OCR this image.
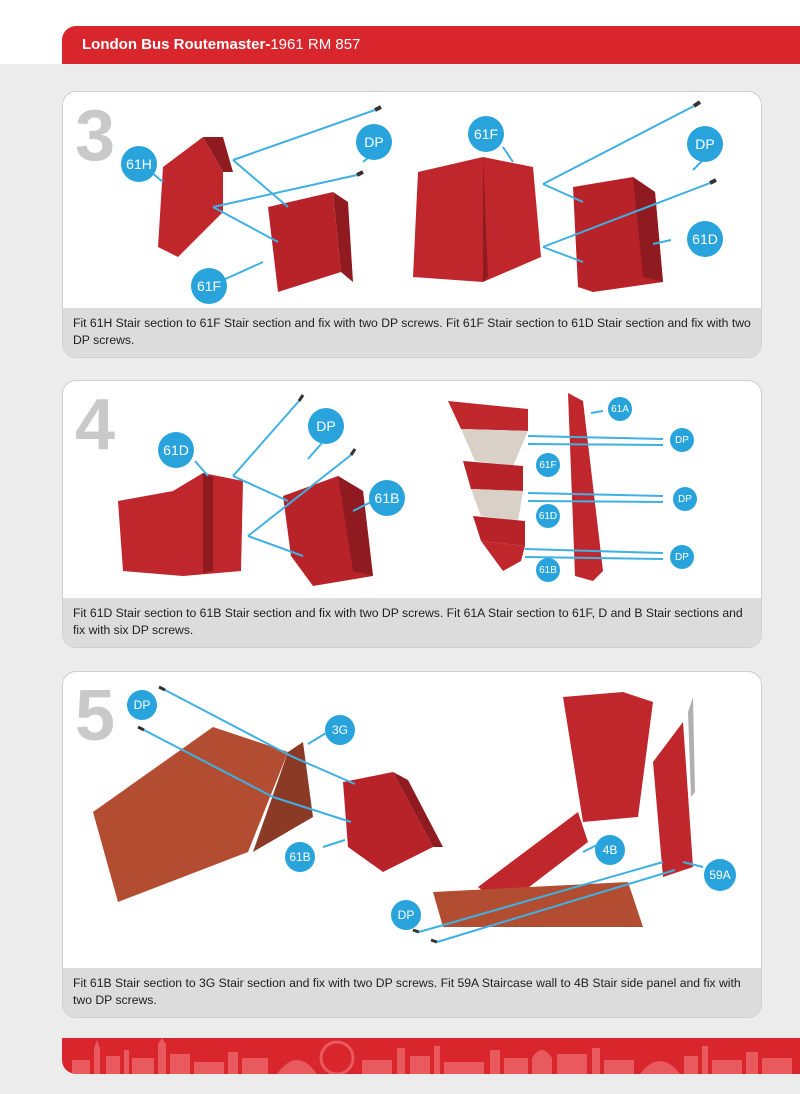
London Bus Routemaster-1961 RM 857
3 61H
DP
61F
61F
DP
61D
Fit 61H Stair section to 61F Stair section and fix with two DP screws. Fit 61F Stair section to 61D Stair section and fix with two DP screws.
4	61D
DP
61B
61A
DP
61F
DP
61D
DP
61B
Fit 61D Stair section to 61B Stair section and fix with two DP screws. Fit 61A Stair section to 61F, D and B Stair sections and fix with six DP screws.
5	DP
3G
61B	4B
59A
DP
Fit 61B Stair section to 3G Stair section and fix with two DP screws. Fit 59A Staircase wall to 4B Stair side panel and fix with two DP screws.
